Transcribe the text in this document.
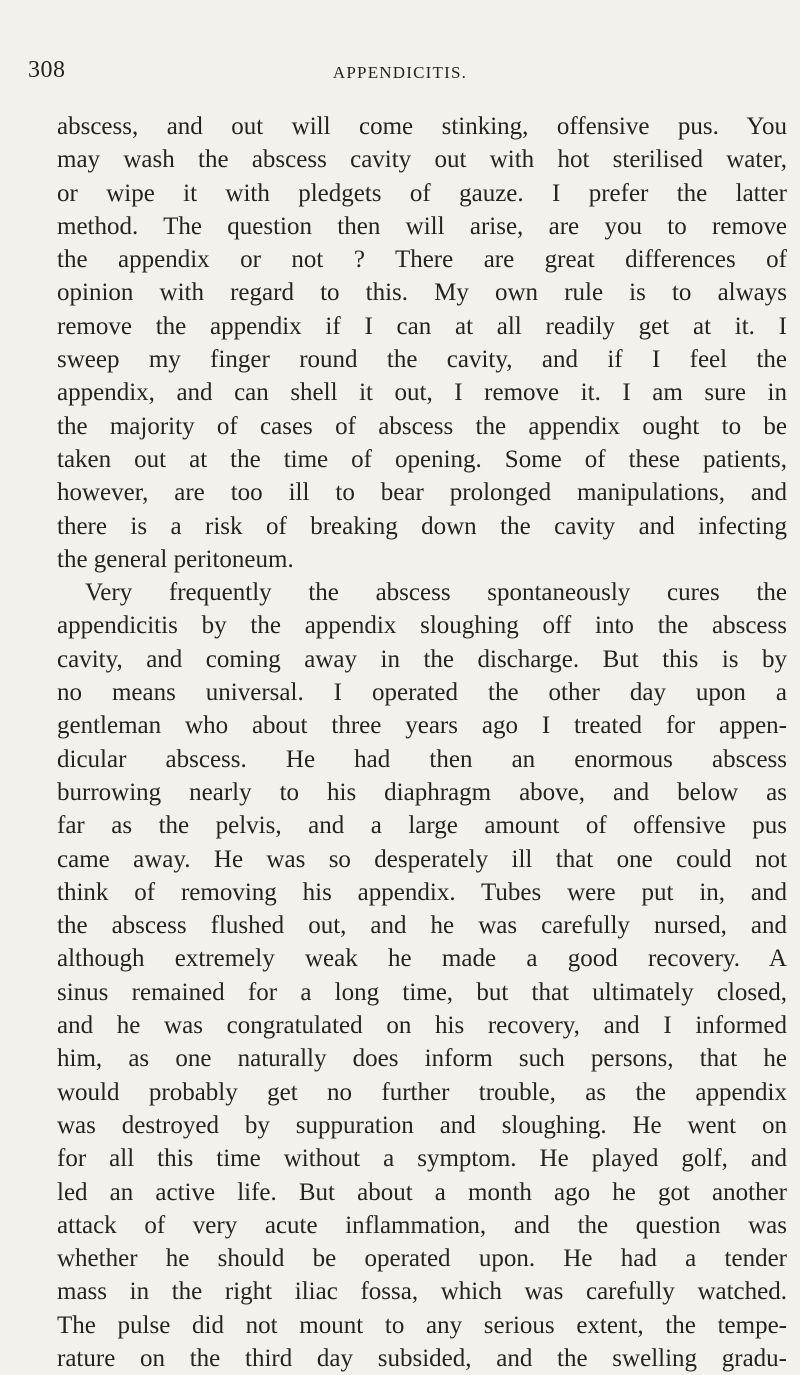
308	APPENDICITIS.
abscess, and out will come stinking, offensive pus. You
may wash the abscess cavity out with hot sterilised water,
or wipe it with pledgets of gauze. I prefer the latter
method. The question then will arise, are you to remove
the appendix or not ? There are great differences of
opinion with regard to this. My own rule is to always
remove the appendix if I can at all readily get at it. I
sweep my finger round the cavity, and if I feel the
appendix, and can shell it out, I remove it. I am sure in
the majority of cases of abscess the appendix ought to be
taken out at the time of opening. Some of these patients,
however, are too ill to bear prolonged manipulations, and
there is a risk of breaking down the cavity and infecting
the general peritoneum.
Very frequently the abscess spontaneously cures the
appendicitis by the appendix sloughing off into the abscess
cavity, and coming away in the discharge. But this is by
no means universal. I operated the other day upon a
gentleman who about three years ago I treated for appen-
dicular abscess. He had then an enormous abscess
burrowing nearly to his diaphragm above, and below as
far as the pelvis, and a large amount of offensive pus
came away. He was so desperately ill that one could not
think of removing his appendix. Tubes were put in, and
the abscess flushed out, and he was carefully nursed, and
although extremely weak he made a good recovery. A
sinus remained for a long time, but that ultimately closed,
and he was congratulated on his recovery, and I informed
him, as one naturally does inform such persons, that he
would probably get no further trouble, as the appendix
was destroyed by suppuration and sloughing. He went on
for all this time without a symptom. He played golf, and
led an active life. But about a month ago he got another
attack of very acute inflammation, and the question was
whether he should be operated upon. He had a tender
mass in the right iliac fossa, which was carefully watched.
The pulse did not mount to any serious extent, the tempe-
rature on the third day subsided, and the swelling gradu-
